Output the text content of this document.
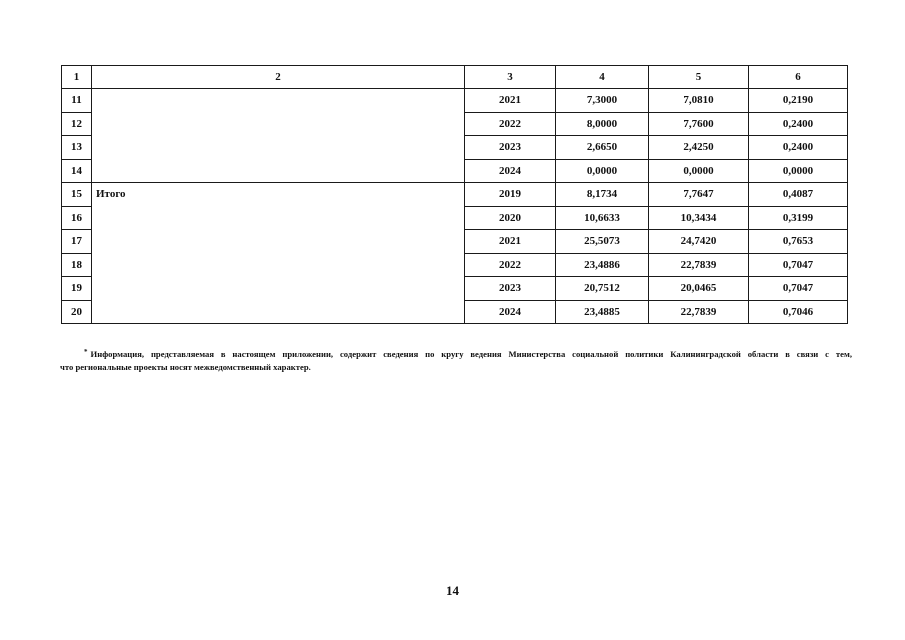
1	2	3	4	5	6
11		2021	7,3000	7,0810	0,2190
12		2022	8,0000	7,7600	0,2400
13		2023	2,6650	2,4250	0,2400
14		2024	0,0000	0,0000	0,0000
15	Итого	2019	8,1734	7,7647	0,4087
16		2020	10,6633	10,3434	0,3199
17		2021	25,5073	24,7420	0,7653
18		2022	23,4886	22,7839	0,7047
19		2023	20,7512	20,0465	0,7047
20		2024	23,4885	22,7839	0,7046
* Информация, представляемая в настоящем приложении, содержит сведения по кругу ведения Министерства социальной политики Калининградской области в связи с тем,
что региональные проекты носят межведомственный характер.
14
